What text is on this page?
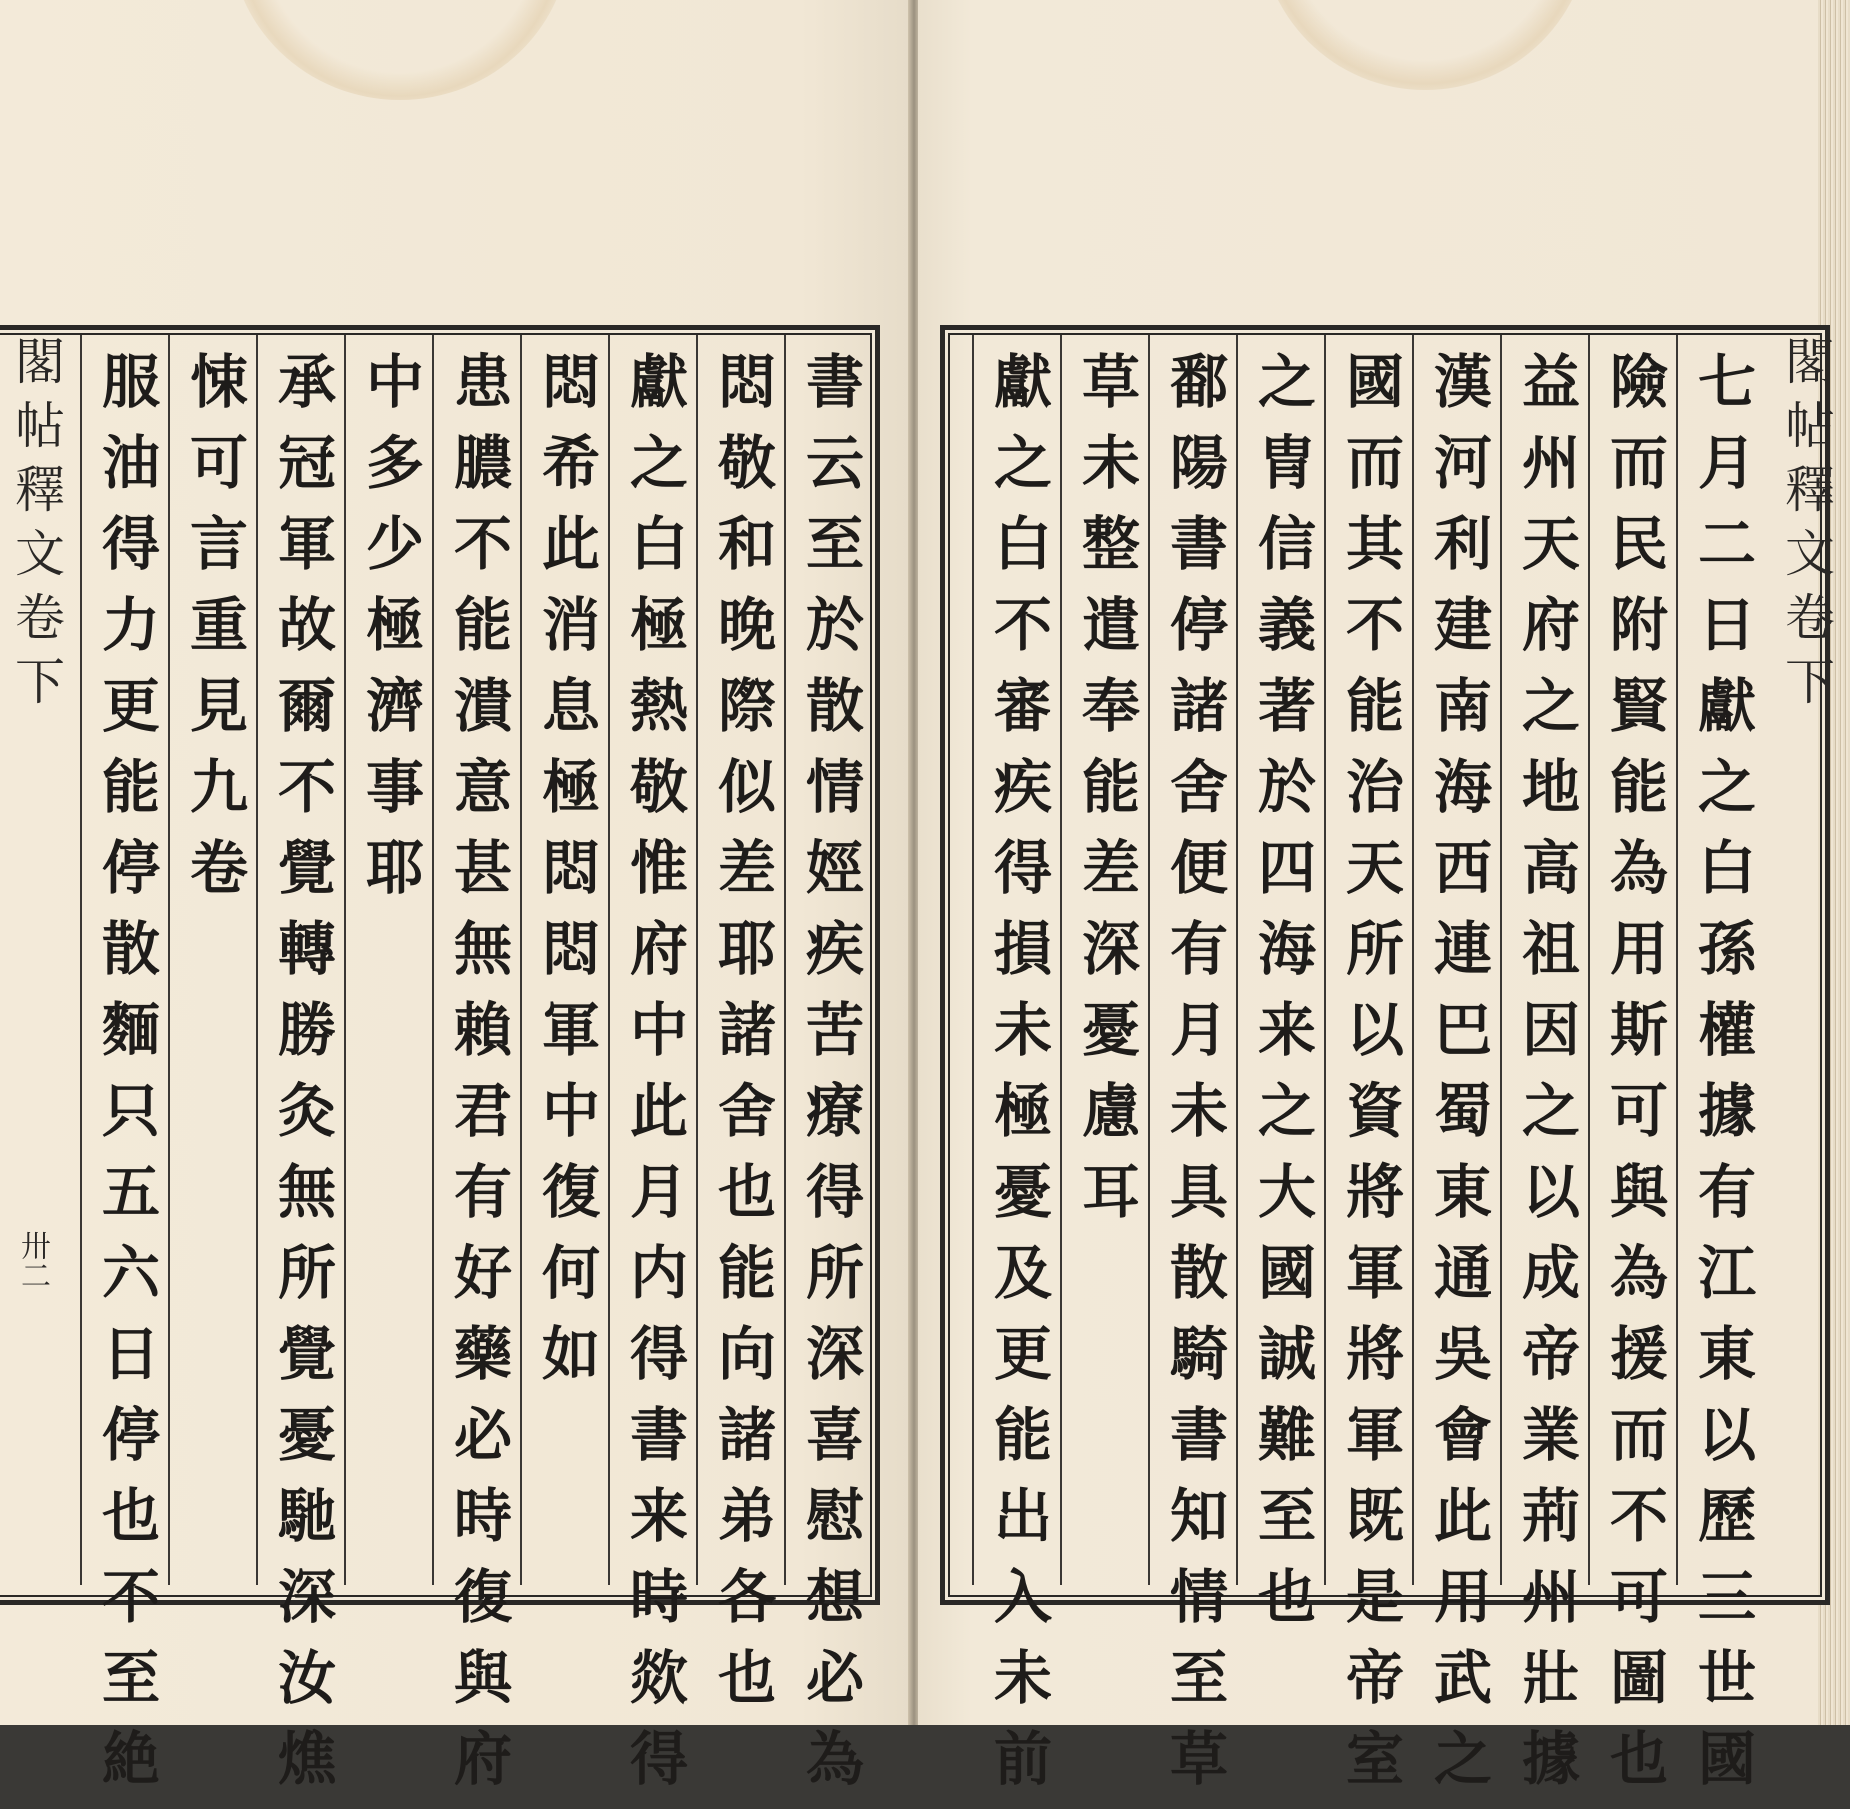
閣帖釋文卷下
卅二
閣帖釋文卷下
書云至於散情娙疾苦療得所深喜慰想必為
悶敬和晚際似差耶諸舍也能向諸弟各也
獻之白極熱敬惟府中此月内得書来時欻得
悶希此消息極悶悶軍中復何如
患膿不能潰意甚無賴君有好藥必時復與府
中多少極濟事耶
承冠軍故爾不覺轉勝灸無所覺憂馳深汝燋
悚可言重見九卷
服油得力更能停散麵只五六日停也不至絶	七月二日獻之白孫權據有江東以歷三世國
險而民附賢能為用斯可與為援而不可圖也
益州天府之地高祖因之以成帝業荊州壯據
漢河利建南海西連巴蜀東通吳會此用武之
國而其不能治天所以資將軍將軍既是帝室
之冑信義著於四海来之大國誠難至也
鄱陽書停諸舍便有月未具散騎書知情至草
草未整遣奉能差深憂慮耳
獻之白不審疾得損未極憂及更能出入未前
